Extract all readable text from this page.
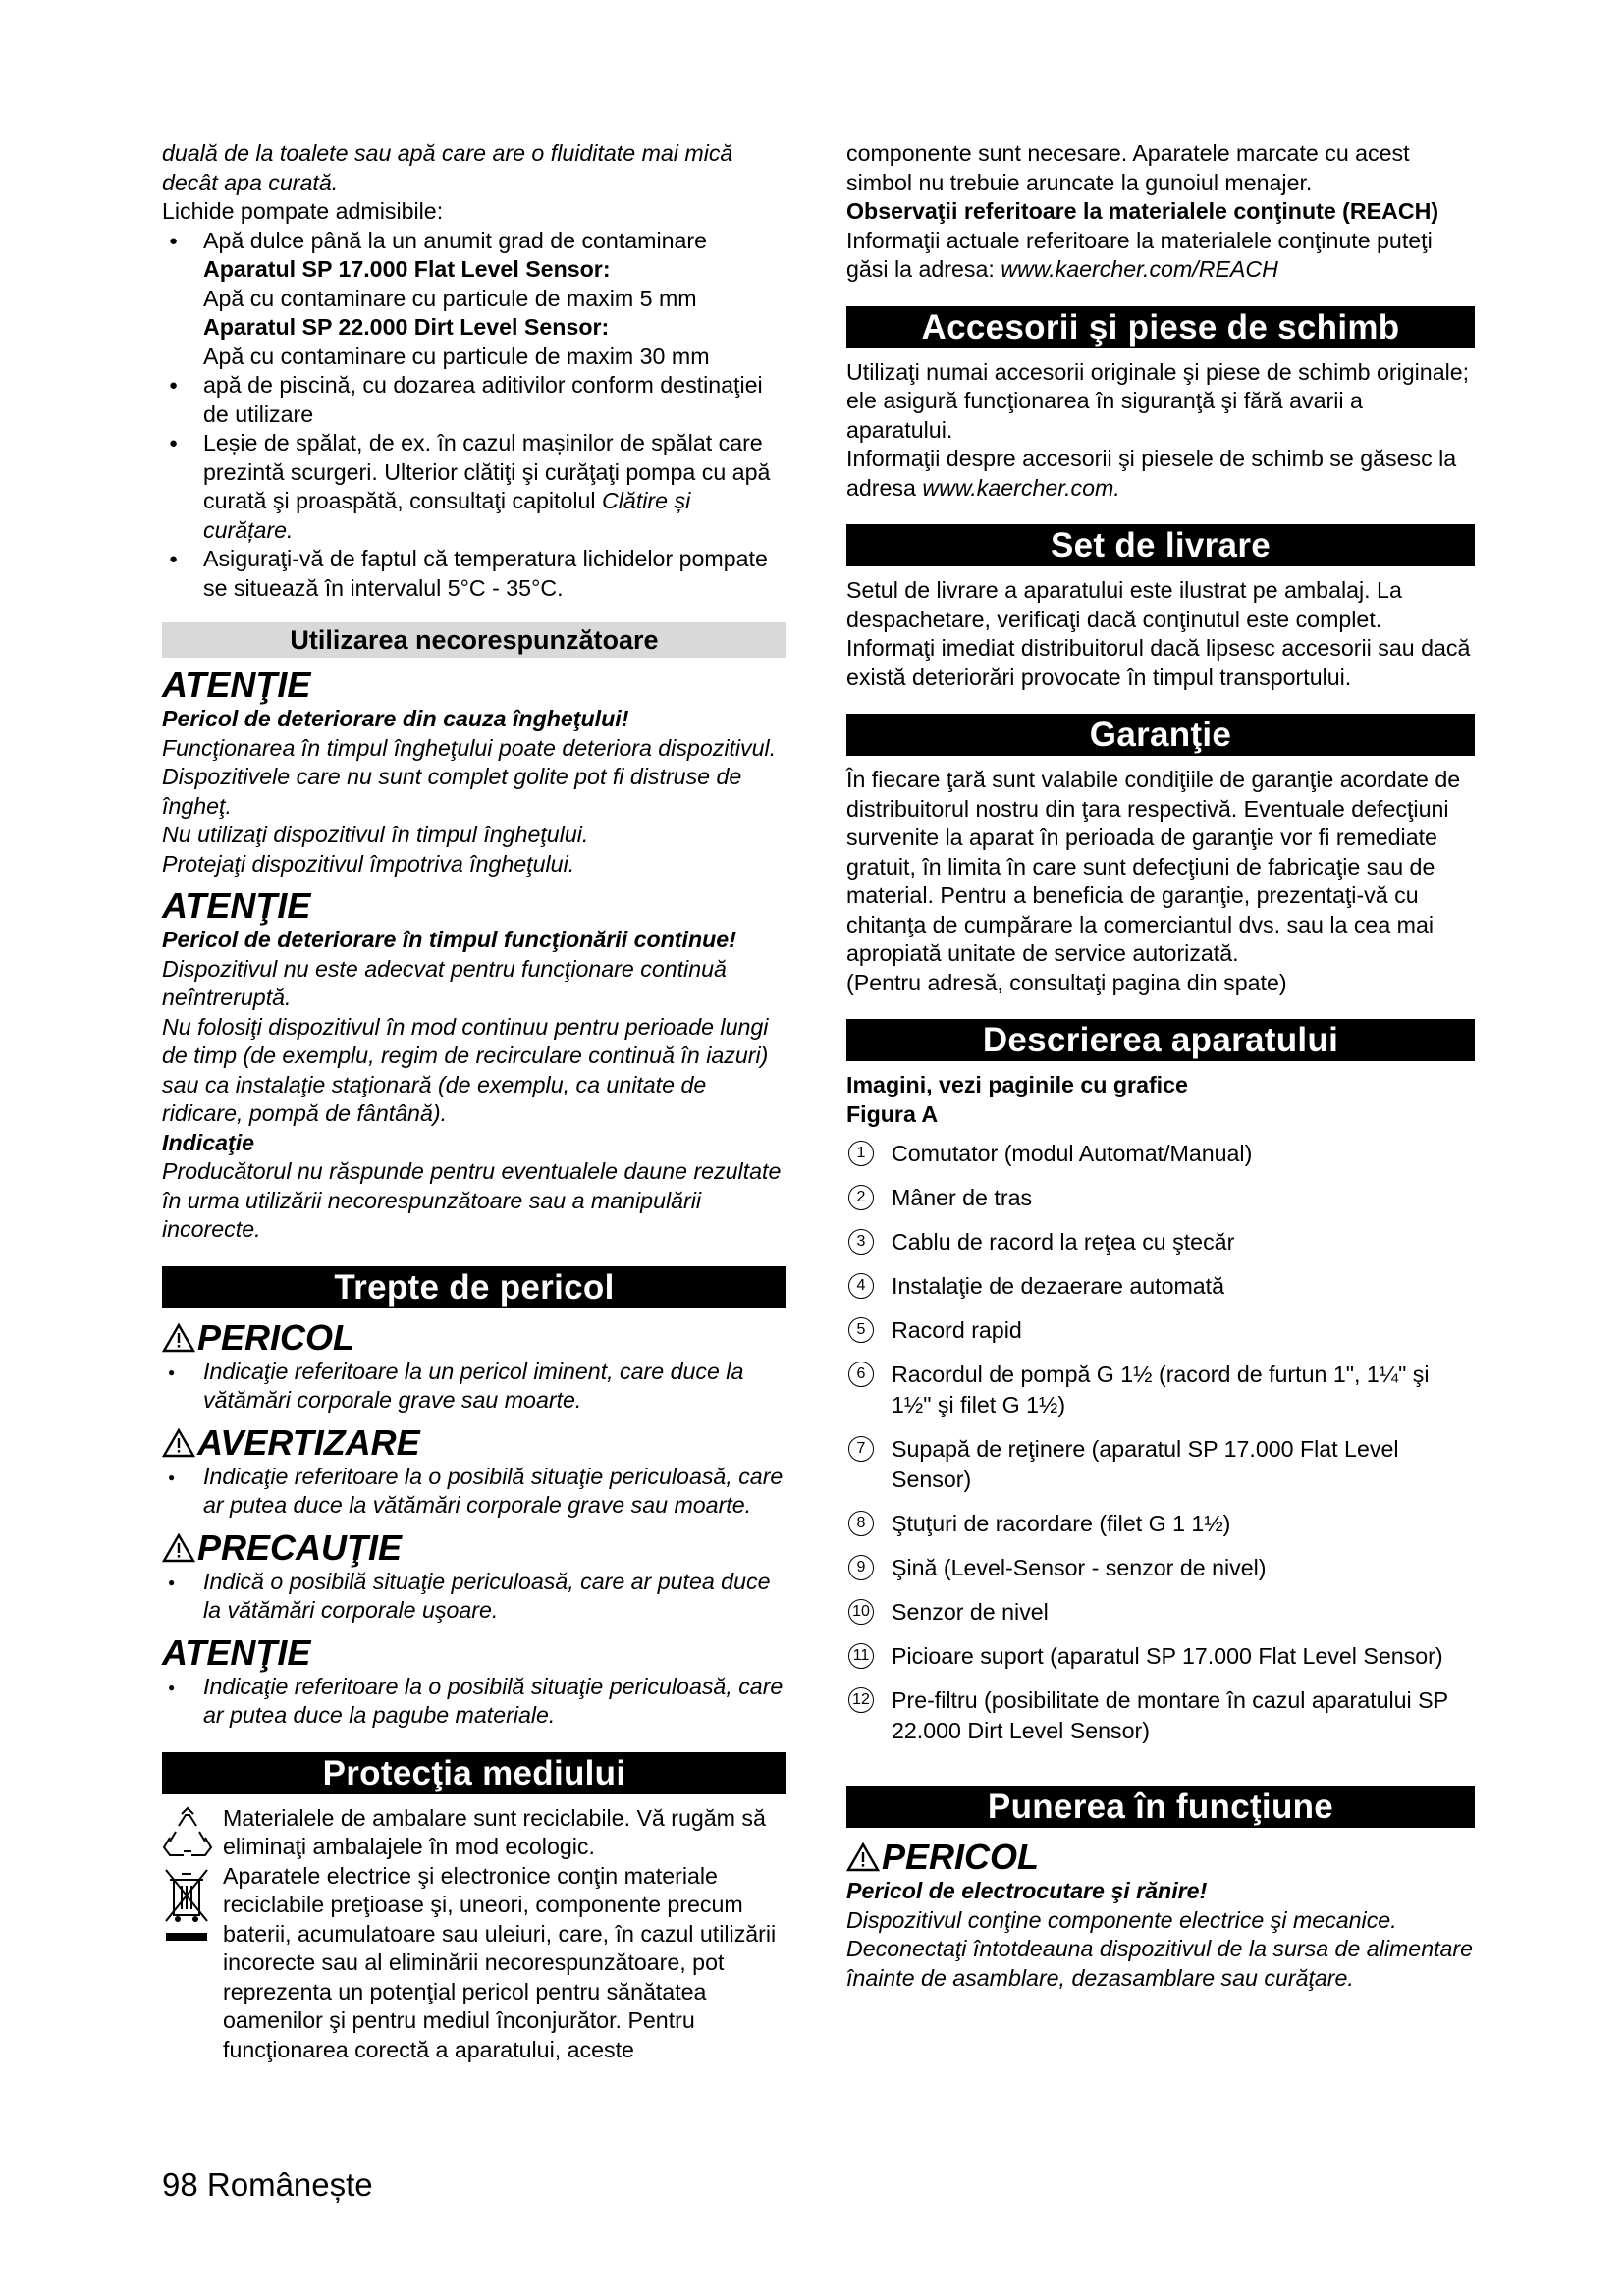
duală de la toalete sau apă care are o fluiditate mai mică decât apa curată.

Lichide pompate admisibile:

● Apă dulce până la un anumit grad de contaminare
Aparatul SP 17.000 Flat Level Sensor:
Apă cu contaminare cu particule de maxim 5 mm
Aparatul SP 22.000 Dirt Level Sensor:
Apă cu contaminare cu particule de maxim 30 mm
● apă de piscină, cu dozarea aditivilor conform destinaţiei de utilizare
● Leșie de spălat, de ex. în cazul mașinilor de spălat care prezintă scurgeri. Ulterior clătiţi şi curăţaţi pompa cu apă curată şi proaspătă, consultaţi capitolul Clătire și curățare.
● Asiguraţi-vă de faptul că temperatura lichidelor pompate se situează în intervalul 5°C - 35°C.
Utilizarea necorespunzătoare
ATENŢIE

Pericol de deteriorare din cauza îngheţului!

Funcţionarea în timpul îngheţului poate deteriora dispozitivul.

Dispozitivele care nu sunt complet golite pot fi distruse de îngheţ.

Nu utilizaţi dispozitivul în timpul îngheţului.

Protejaţi dispozitivul împotriva îngheţului.

ATENŢIE

Pericol de deteriorare în timpul funcţionării continue!

Dispozitivul nu este adecvat pentru funcţionare continuă neîntreruptă.

Nu folosiţi dispozitivul în mod continuu pentru perioade lungi de timp (de exemplu, regim de recirculare continuă în iazuri) sau ca instalaţie staţionară (de exemplu, ca unitate de ridicare, pompă de fântână).

Indicaţie

Producătorul nu răspunde pentru eventualele daune rezultate în urma utilizării necorespunzătoare sau a manipulării incorecte.

Trepte de pericol
PERICOL
● Indicaţie referitoare la un pericol iminent, care duce la vătămări corporale grave sau moarte.
AVERTIZARE
● Indicaţie referitoare la o posibilă situaţie periculoasă, care ar putea duce la vătămări corporale grave sau moarte.
PRECAUŢIE
● Indică o posibilă situaţie periculoasă, care ar putea duce la vătămări corporale uşoare.
ATENŢIE
● Indicaţie referitoare la o posibilă situaţie periculoasă, care ar putea duce la pagube materiale.
Protecţia mediului

Materialele de ambalare sunt reciclabile. Vă rugăm să eliminaţi ambalajele în mod ecologic.

Aparatele electrice şi electronice conţin materiale reciclabile preţioase şi, uneori, componente precum baterii, acumulatoare sau uleiuri, care, în cazul utilizării incorecte sau al eliminării necorespunzătoare, pot reprezenta un potenţial pericol pentru sănătatea oamenilor şi pentru mediul înconjurător. Pentru funcţionarea corectă a aparatului, aceste

componente sunt necesare. Aparatele marcate cu acest simbol nu trebuie aruncate la gunoiul menajer.

Observaţii referitoare la materialele conţinute (REACH)

Informaţii actuale referitoare la materialele conţinute puteţi găsi la adresa: www.kaercher.com/REACH

Accesorii şi piese de schimb

Utilizaţi numai accesorii originale şi piese de schimb originale; ele asigură funcţionarea în siguranţă şi fără avarii a aparatului.

Informaţii despre accesorii şi piesele de schimb se găsesc la adresa www.kaercher.com.

Set de livrare

Setul de livrare a aparatului este ilustrat pe ambalaj. La despachetare, verificaţi dacă conţinutul este complet. Informaţi imediat distribuitorul dacă lipsesc accesorii sau dacă există deteriorări provocate în timpul transportului.

Garanţie

În fiecare ţară sunt valabile condiţiile de garanţie acordate de distribuitorul nostru din ţara respectivă. Eventuale defecţiuni survenite la aparat în perioada de garanţie vor fi remediate gratuit, în limita în care sunt defecţiuni de fabricaţie sau de material. Pentru a beneficia de garanţie, prezentaţi-vă cu chitanţa de cumpărare la comerciantul dvs. sau la cea mai apropiată unitate de service autorizată.

(Pentru adresă, consultaţi pagina din spate)

Descrierea aparatului

Imagini, vezi paginile cu grafice

Figura A

1	Comutator (modul Automat/Manual)
2	Mâner de tras
3	Cablu de racord la reţea cu ştecăr
4	Instalaţie de dezaerare automată
5	Racord rapid
6	Racordul de pompă G 1½ (racord de furtun 1", 1¼" şi 1½" şi filet G 1½)
7	Supapă de reţinere (aparatul SP 17.000 Flat Level Sensor)
8	Ştuţuri de racordare (filet G 1 1½)
9	Şină (Level-Sensor - senzor de nivel)
10 Senzor de nivel
11 Picioare suport (aparatul SP 17.000 Flat Level Sensor)
12 Pre-filtru (posibilitate de montare în cazul aparatului SP 22.000 Dirt Level Sensor)
Punerea în funcţiune
PERICOL

Pericol de electrocutare şi rănire!

Dispozitivul conţine componente electrice şi mecanice. Deconectaţi întotdeauna dispozitivul de la sursa de alimentare înainte de asamblare, dezasamblare sau curăţare.

98 Românește
